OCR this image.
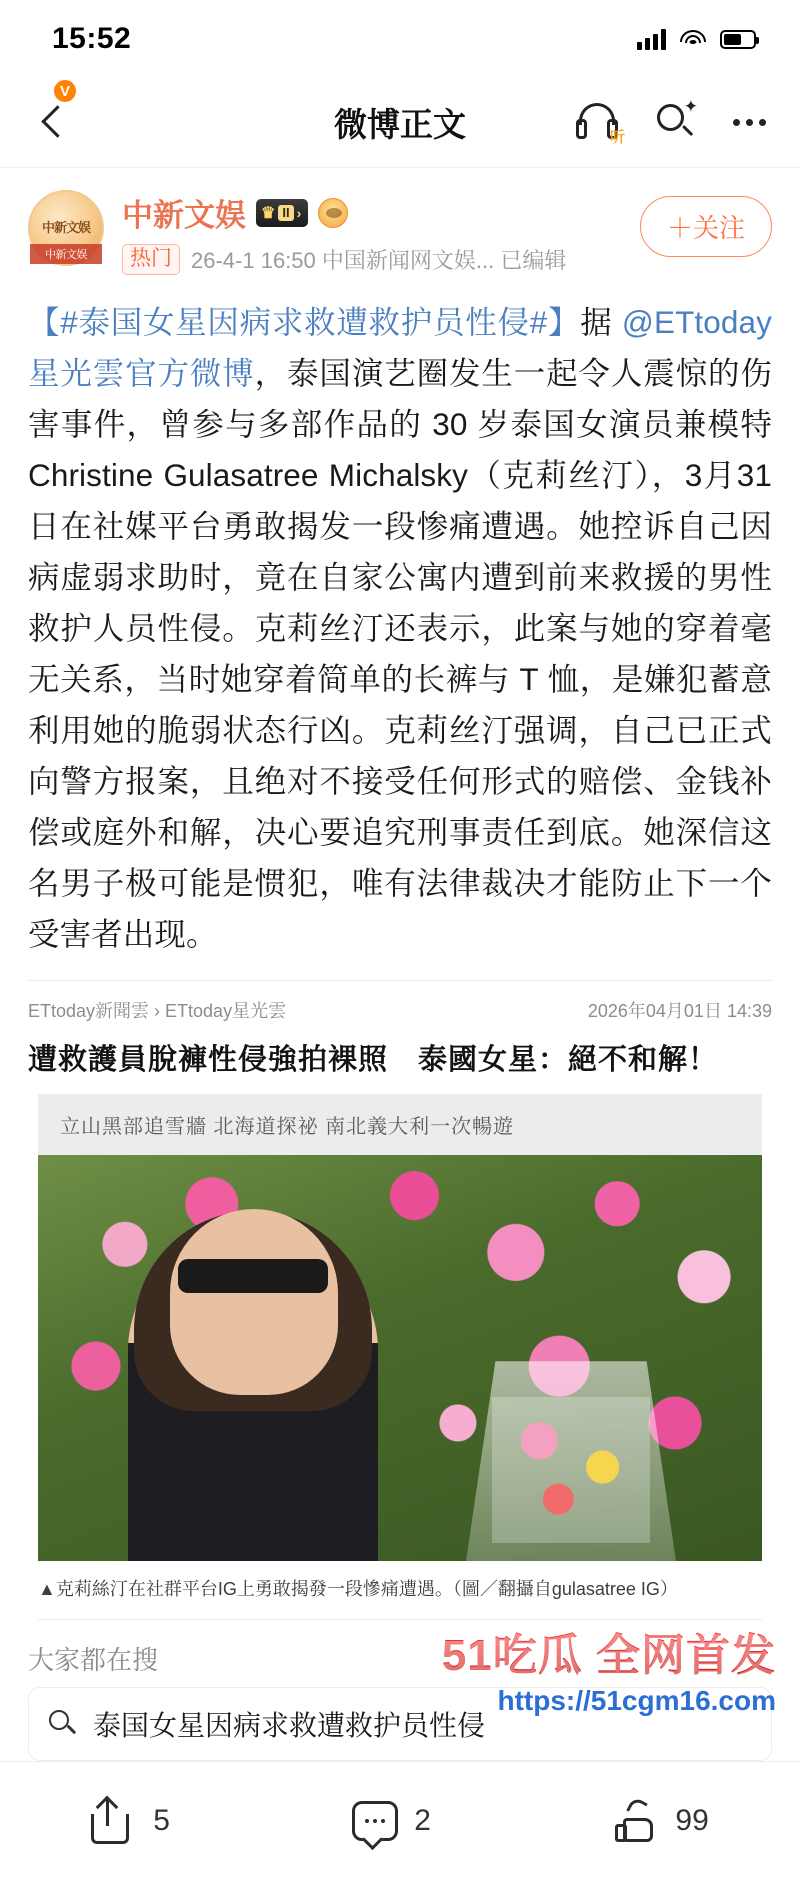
15:52
微博正文	听
✦
中新文娱
中新文娱
V
中新文娱 ♛ II ›
热门 26-4-1 16:50 中国新闻网文娱... 已编辑
＋关注
【#泰国女星因病求救遭救护员性侵#】据 @ETtoday 星光雲官方微博，泰国演艺圈发生一起令人震惊的伤害事件，曾参与多部作品的 30 岁泰国女演员兼模特 Christine Gulasatree Michalsky（克莉丝汀），3月31日在社媒平台勇敢揭发一段惨痛遭遇。她控诉自己因病虚弱求助时，竟在自家公寓内遭到前来救援的男性救护人员性侵。克莉丝汀还表示，此案与她的穿着毫无关系，当时她穿着简单的长裤与 T 恤，是嫌犯蓄意利用她的脆弱状态行凶。克莉丝汀强调，自己已正式向警方报案，且绝对不接受任何形式的赔偿、金钱补偿或庭外和解，决心要追究刑事责任到底。她深信这名男子极可能是惯犯，唯有法律裁决才能防止下一个受害者出现。
ETtoday新聞雲 › ETtoday星光雲	2026年04月01日 14:39
遭救護員脫褲性侵強拍裸照　泰國女星：絕不和解！
立山黑部追雪牆 北海道探祕 南北義大利一次暢遊
▲克莉絲汀在社群平台IG上勇敢揭發一段慘痛遭遇。（圖／翻攝自gulasatree IG）
大家都在搜
泰国女星因病求救遭救护员性侵
5	2	99
51吃瓜 全网首发
https://51cgm16.com
